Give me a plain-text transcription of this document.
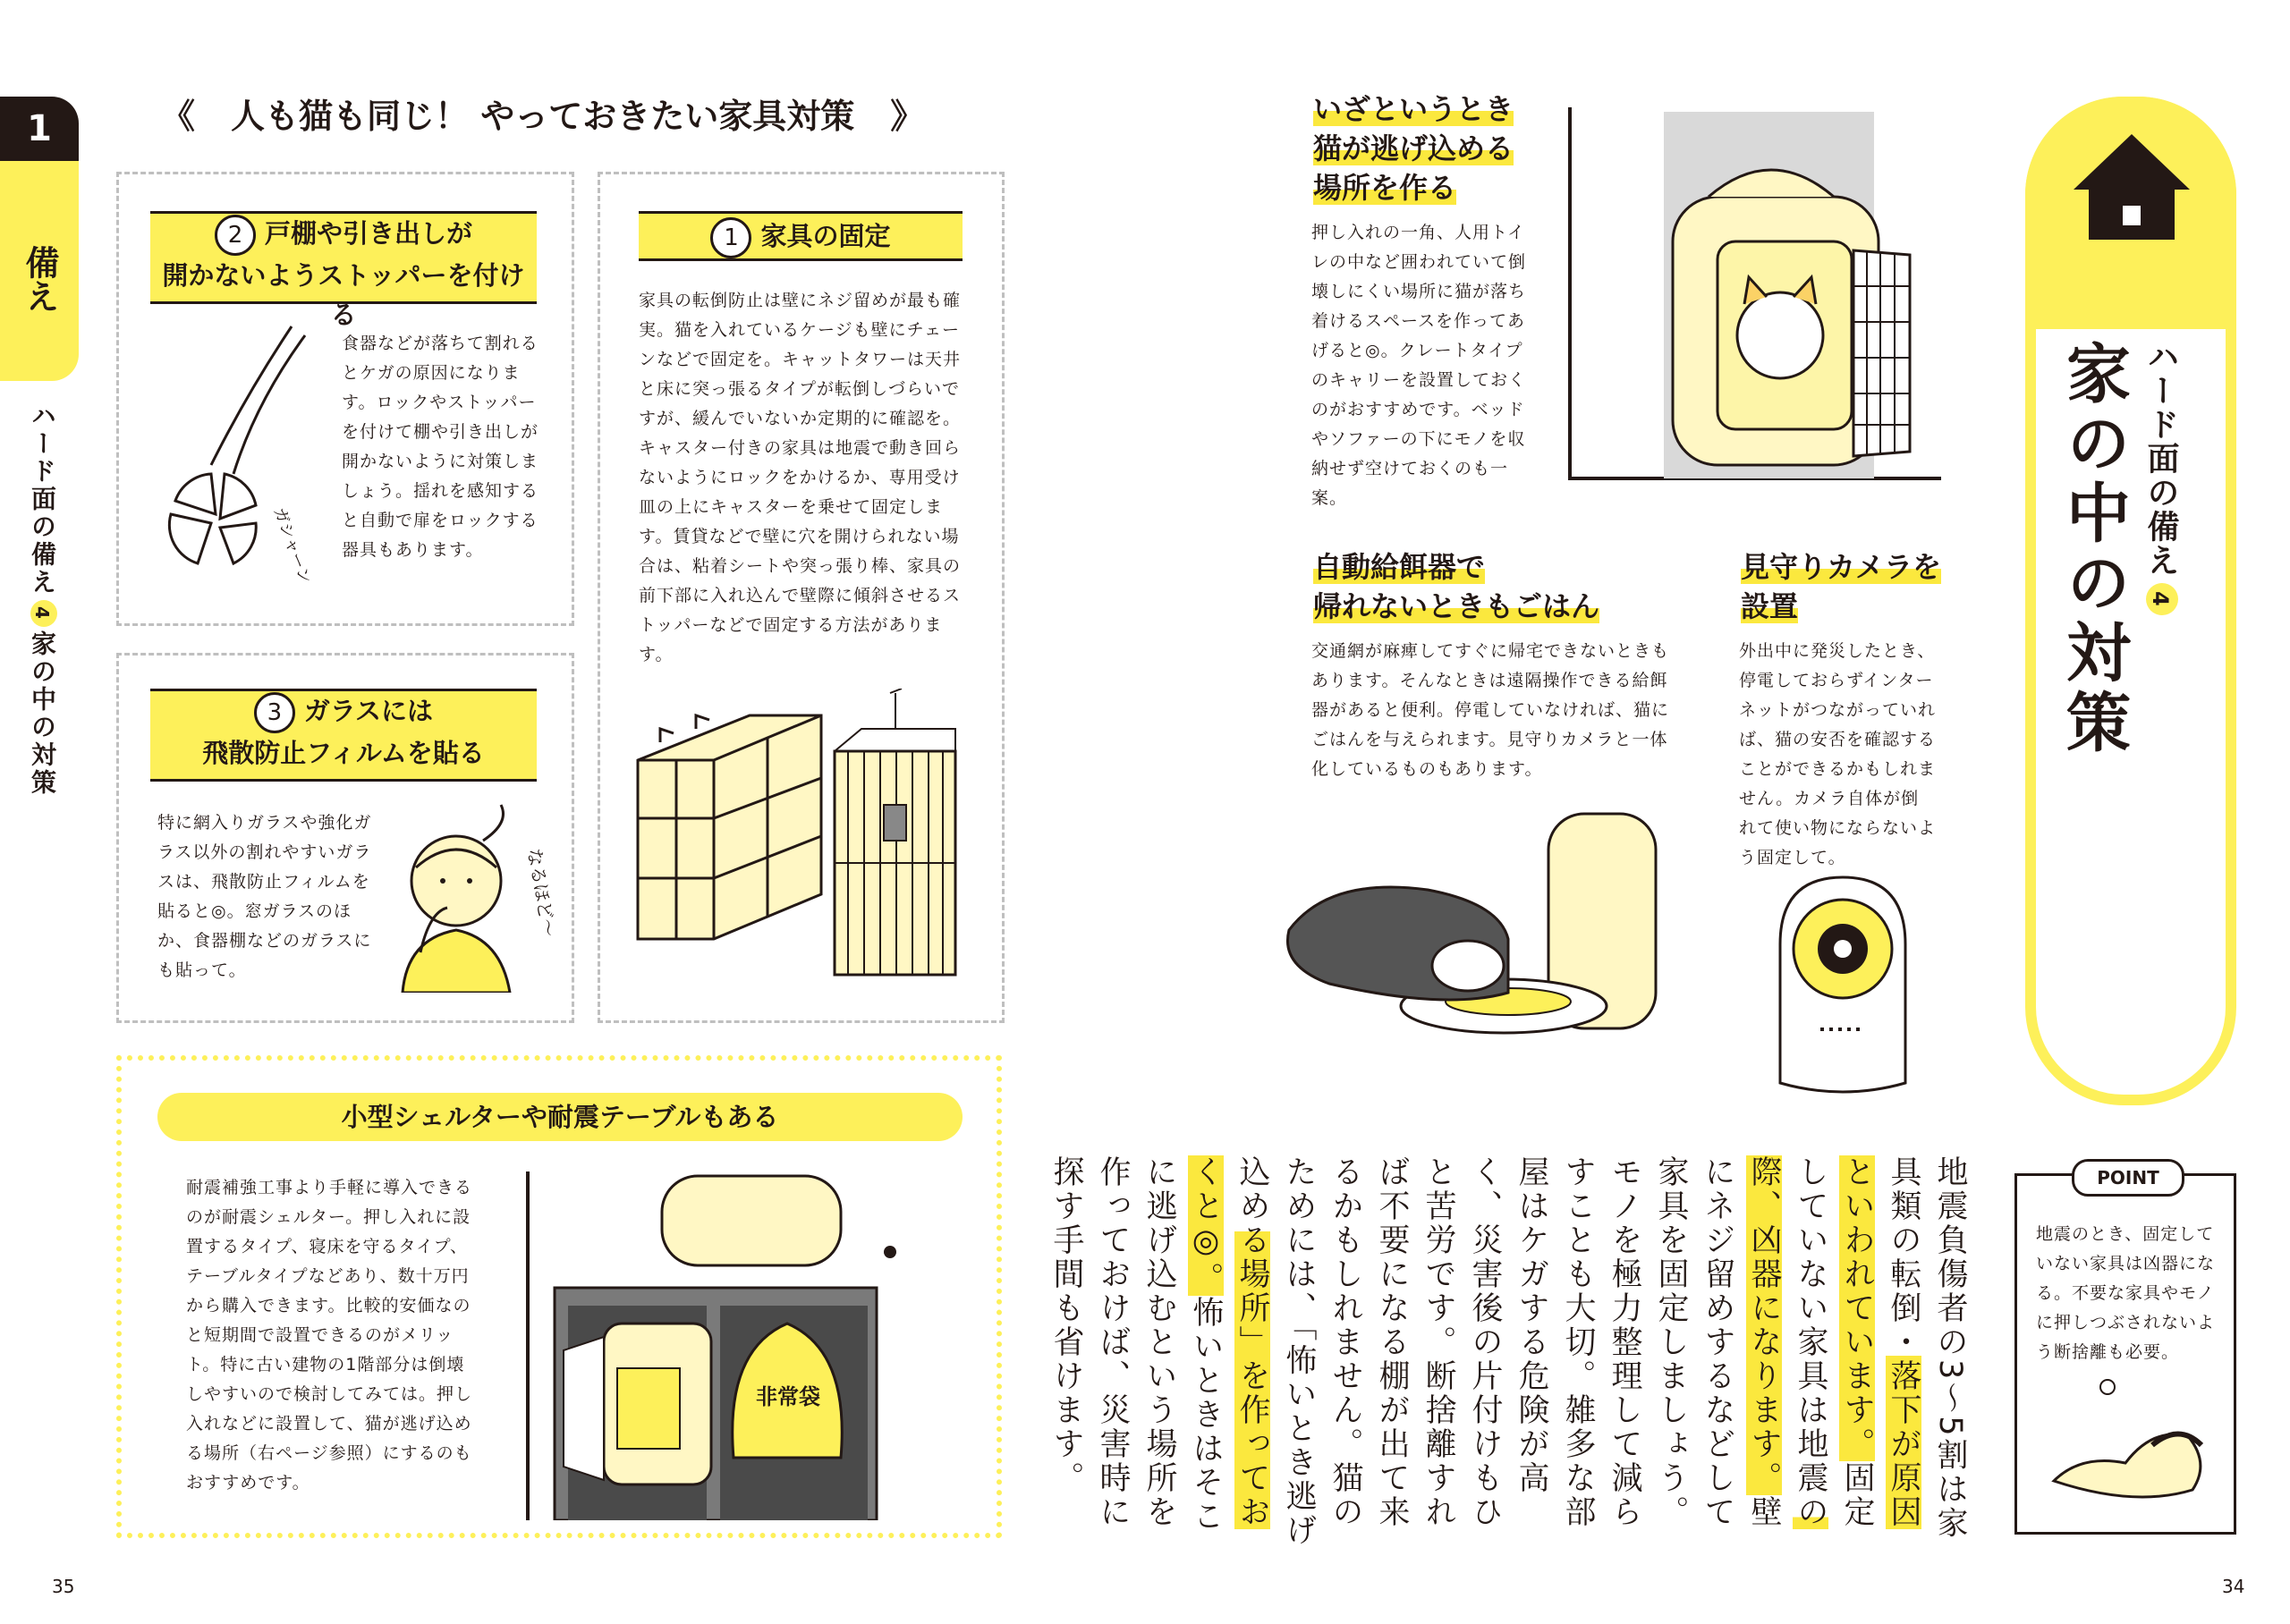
1
備え
ハード面の備え4家の中の対策
《 人も猫も同じ！ やっておきたい家具対策 》
2 戸棚や引き出しが
開かないようストッパーを付ける
食器などが落ちて割れるとケガの原因になります。ロックやストッパーを付けて棚や引き出しが開かないように対策しましょう。揺れを感知すると自動で扉をロックする器具もあります。
ガシャーン
1 家具の固定
家具の転倒防止は壁にネジ留めが最も確実。猫を入れているケージも壁にチェーンなどで固定を。キャットタワーは天井と床に突っ張るタイプが転倒しづらいですが、緩んでいないか定期的に確認を。キャスター付きの家具は地震で動き回らないようにロックをかけるか、専用受け皿の上にキャスターを乗せて固定します。賃貸などで壁に穴を開けられない場合は、粘着シートや突っ張り棒、家具の前下部に入れ込んで壁際に傾斜させるストッパーなどで固定する方法があります。
3 ガラスには
飛散防止フィルムを貼る
特に網入りガラスや強化ガラス以外の割れやすいガラスは、飛散防止フィルムを貼ると◎。窓ガラスのほか、食器棚などのガラスにも貼って。
なるほど〜
小型シェルターや耐震テーブルもある
耐震補強工事より手軽に導入できるのが耐震シェルター。押し入れに設置するタイプ、寝床を守るタイプ、テーブルタイプなどあり、数十万円から購入できます。比較的安価なのと短期間で設置できるのがメリット。特に古い建物の1階部分は倒壊しやすいので検討してみては。押し入れなどに設置して、猫が逃げ込める場所（右ページ参照）にするのもおすすめです。
非常袋
35
いざというとき
猫が逃げ込める
場所を作る
押し入れの一角、人用トイレの中など囲われていて倒壊しにくい場所に猫が落ち着けるスペースを作ってあげると◎。クレートタイプのキャリーを設置しておくのがおすすめです。ベッドやソファーの下にモノを収納せず空けておくのも一案。
自動給餌器で
帰れないときもごはん
交通網が麻痺してすぐに帰宅できないときもあります。そんなときは遠隔操作できる給餌器があると便利。停電していなければ、猫にごはんを与えられます。見守りカメラと一体化しているものもあります。
見守りカメラを
設置
外出中に発災したとき、停電しておらずインターネットがつながっていれば、猫の安否を確認することができるかもしれません。カメラ自体が倒れて使い物にならないよう固定して。
ハード面の備え4
家の中の対策
地震負傷者の3〜5割は家具類の転倒・落下が原因といわれています。固定していない家具は地震の際、凶器になります。壁にネジ留めするなどして家具を固定しましょう。モノを極力整理して減らすことも大切。雑多な部屋はケガする危険が高く、災害後の片付けもひと苦労です。断捨離すれば不要になる棚が出て来るかもしれません。猫のためには、「怖いとき逃げ込める場所」を作っておくと◎。怖いときはそこに逃げ込むという場所を作っておけば、災害時に探す手間も省けます。	POINT
地震のとき、固定していない家具は凶器になる。不要な家具やモノに押しつぶされないよう断捨離も必要。
34
